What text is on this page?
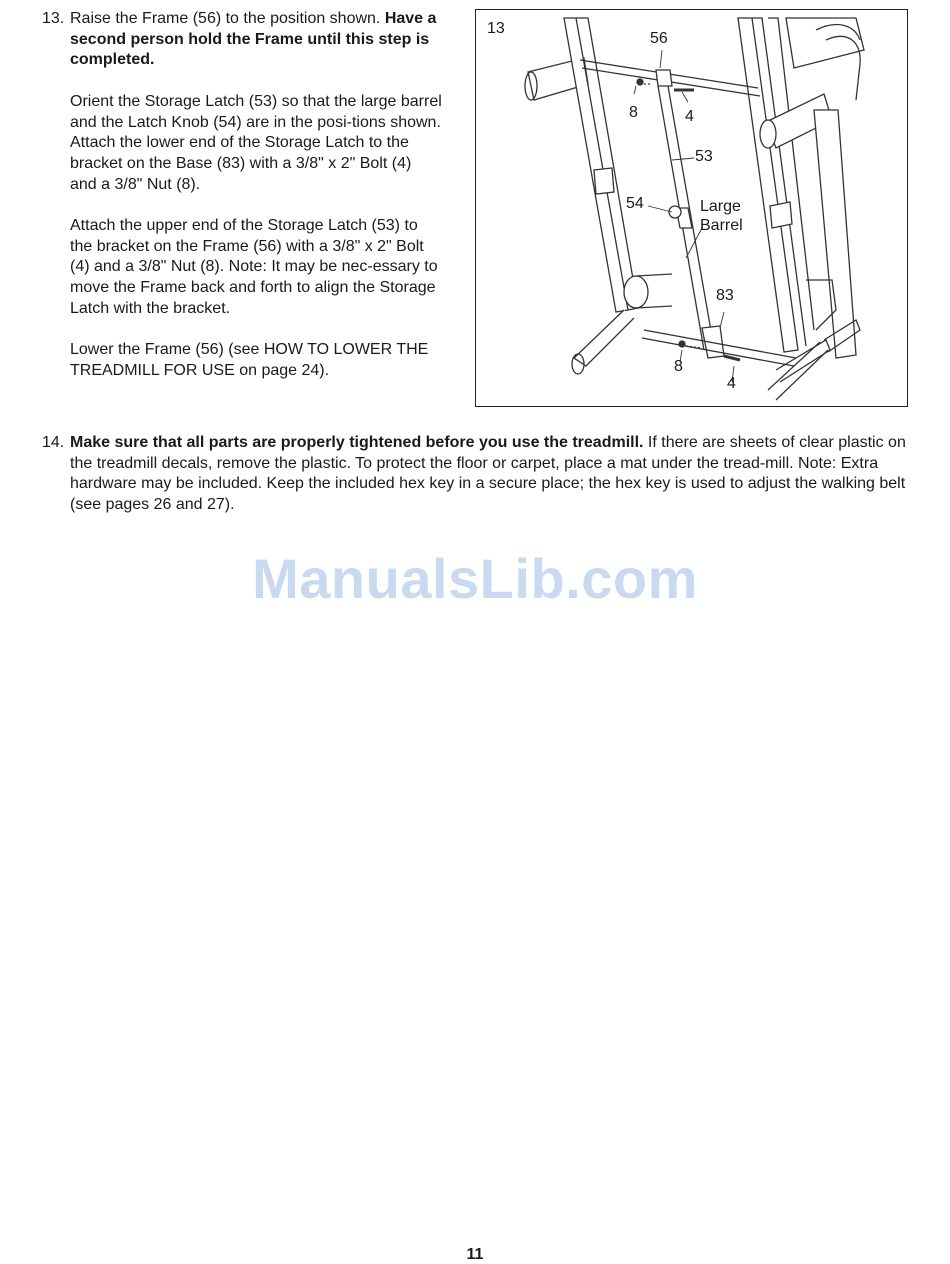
13. Raise the Frame (56) to the position shown. Have a second person hold the Frame until this step is completed.

Orient the Storage Latch (53) so that the large barrel and the Latch Knob (54) are in the posi-tions shown. Attach the lower end of the Storage Latch to the bracket on the Base (83) with a 3/8" x 2" Bolt (4) and a 3/8" Nut (8).

Attach the upper end of the Storage Latch (53) to the bracket on the Frame (56) with a 3/8" x 2" Bolt (4) and a 3/8" Nut (8). Note: It may be nec-essary to move the Frame back and forth to align the Storage Latch with the bracket.

Lower the Frame (56) (see HOW TO LOWER THE TREADMILL FOR USE on page 24).

13
56
8	4
53
54	Large
Barrel
83
8
4
14. Make sure that all parts are properly tightened before you use the treadmill. If there are sheets of clear plastic on the treadmill decals, remove the plastic. To protect the floor or carpet, place a mat under the tread-mill. Note: Extra hardware may be included. Keep the included hex key in a secure place; the hex key is used to adjust the walking belt (see pages 26 and 27).

ManualsLib.com
11
